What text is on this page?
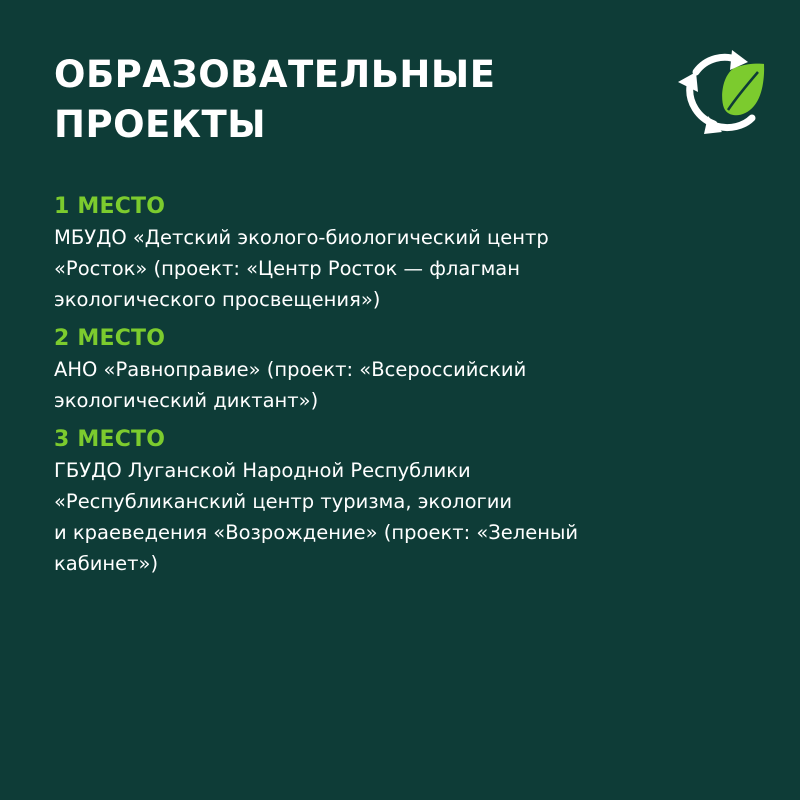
ОБРАЗОВАТЕЛЬНЫЕ
ПРОЕКТЫ
1 МЕСТО
МБУДО «Детский эколого-биологический центр
«Росток» (проект: «Центр Росток — флагман
экологического просвещения»)
2 МЕСТО
АНО «Равноправие» (проект: «Всероссийский
экологический диктант»)
3 МЕСТО
ГБУДО Луганской Народной Республики
«Республиканский центр туризма, экологии
и краеведения «Возрождение» (проект: «Зеленый
кабинет»)
